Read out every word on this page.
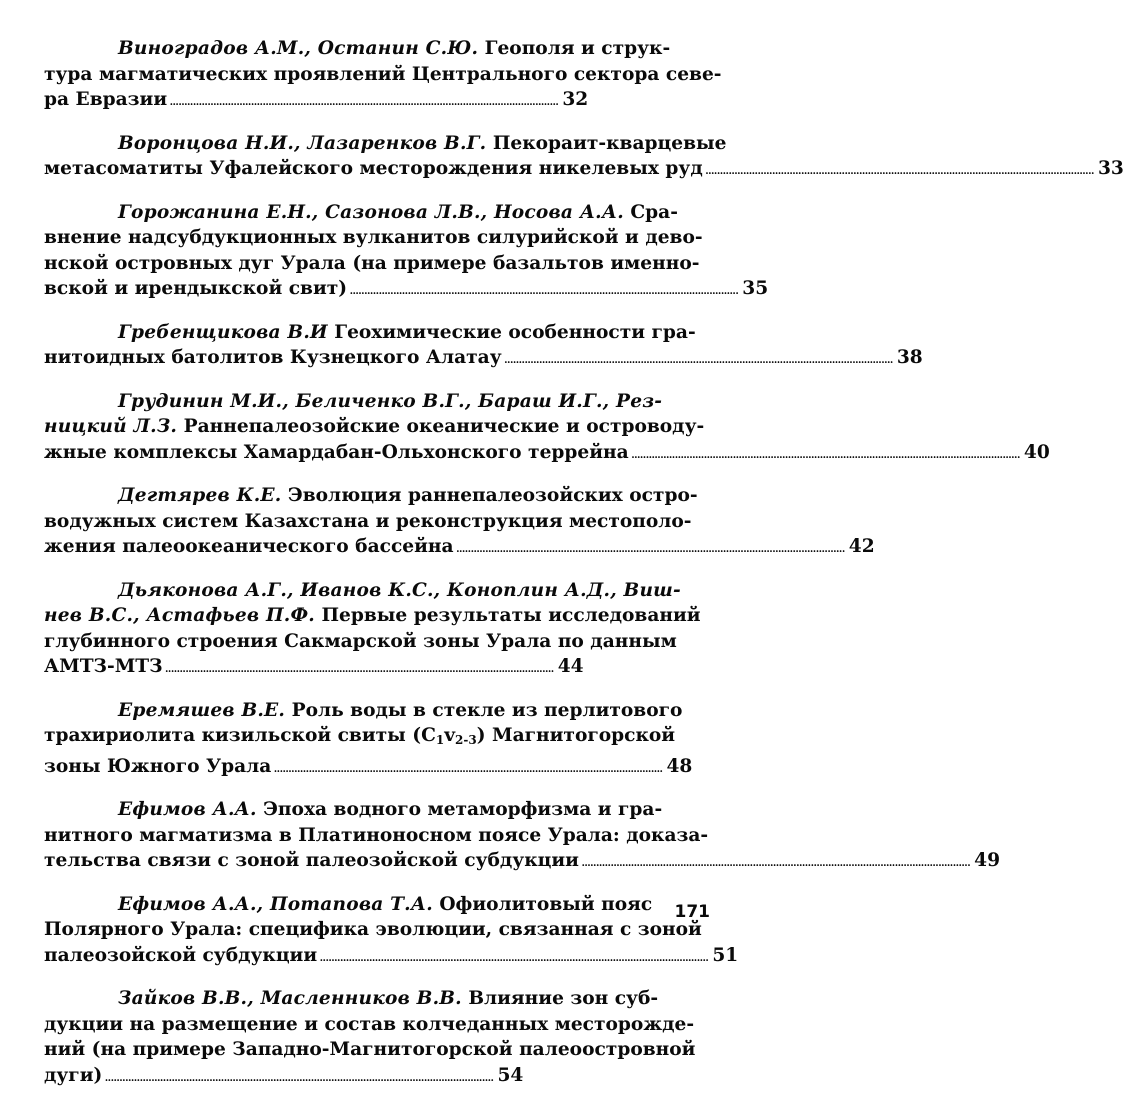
Виноградов А.М., Останин С.Ю. Геополя и струк-
тура магматических проявлений Центрального сектора севе-
ра Евразии . . .	32
Воронцова Н.И., Лазаренков В.Г. Пекораит-кварцевые
метасоматиты Уфалейского месторождения никелевых руд . . .	33
Горожанина Е.Н., Сазонова Л.В., Носова А.А. Сра-
внение надсубдукционных вулканитов силурийской и дево-
нской островных дуг Урала (на примере базальтов именно-
вской и ирендыкской свит) . . .	35
Гребенщикова В.И Геохимические особенности гра-
нитоидных батолитов Кузнецкого Алатау . . .	38
Грудинин М.И., Беличенко В.Г., Бараш И.Г., Рез-
ницкий Л.З. Раннепалеозойские океанические и островоду-
жные комплексы Хамардабан-Ольхонского террейна . . .	40
Дегтярев К.Е. Эволюция раннепалеозойских остро-
водужных систем Казахстана и реконструкция местополо-
жения палеоокеанического бассейна . . .	42
Дьяконова А.Г., Иванов К.С., Коноплин А.Д., Виш-
нев В.С., Астафьев П.Ф. Первые результаты исследований
глубинного строения Сакмарской зоны Урала по данным
АМТЗ-МТЗ . . .	44
Еремяшев В.Е. Роль воды в стекле из перлитового
трахириолита кизильской свиты $(C_1v_{2-3})$ Магнитогорской
зоны Южного Урала . . .	48
Ефимов А.А. Эпоха водного метаморфизма и гра-
нитного магматизма в Платиноносном поясе Урала: доказа-
тельства связи с зоной палеозойской субдукции . . .	49
Ефимов А.А., Потапова Т.А. Офиолитовый пояс
Полярного Урала: специфика эволюции, связанная с зоной
палеозойской субдукции . . .	51
Зайков В.В., Масленников В.В. Влияние зон суб-
дукции на размещение и состав колчеданных месторожде-
ний (на примере Западно-Магнитогорской палеоостровной
дуги) . . .	54
171
